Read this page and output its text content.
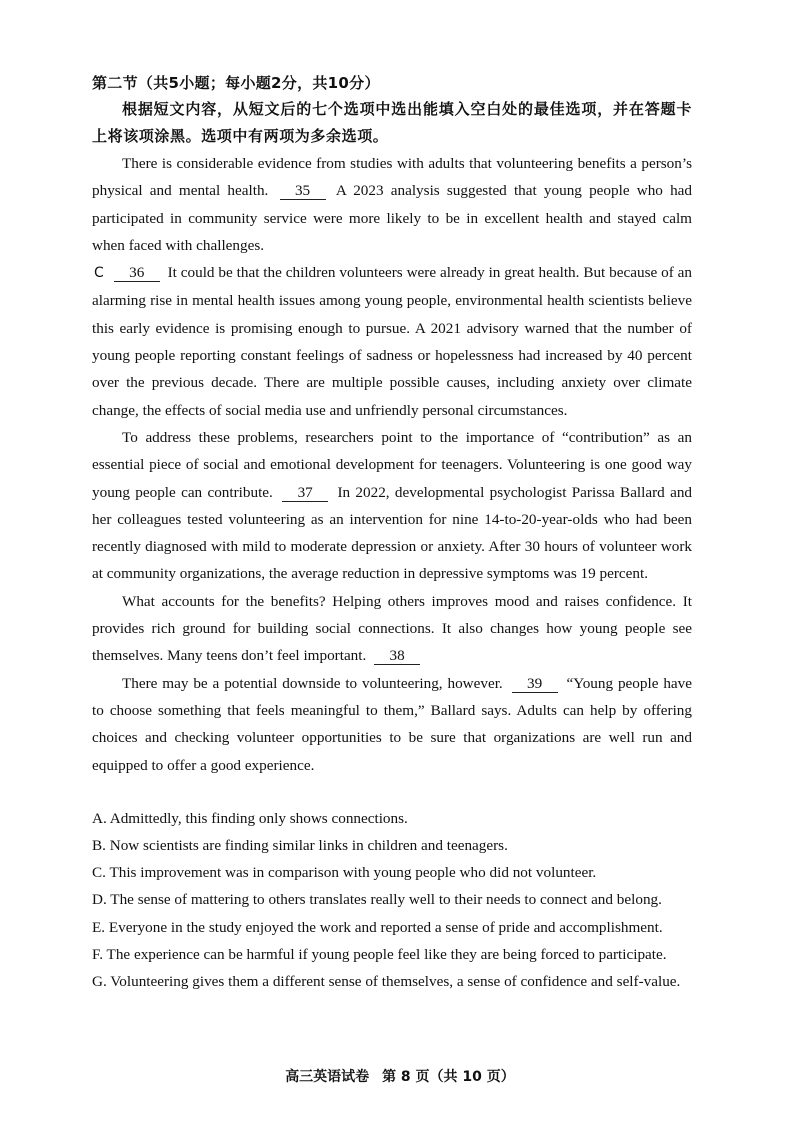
第二节（共5小题；每小题2分，共10分）

根据短文内容，从短文后的七个选项中选出能填入空白处的最佳选项，并在答题卡上将该项涂黑。选项中有两项为多余选项。

There is considerable evidence from studies with adults that volunteering benefits a person’s physical and mental health. 35 A 2023 analysis suggested that young people who had participated in community service were more likely to be in excellent health and stayed calm when faced with challenges.

C 36 It could be that the children volunteers were already in great health. But because of an alarming rise in mental health issues among young people, environmental health scientists believe this early evidence is promising enough to pursue. A 2021 advisory warned that the number of young people reporting constant feelings of sadness or hopelessness had increased by 40 percent over the previous decade. There are multiple possible causes, including anxiety over climate change, the effects of social media use and unfriendly personal circumstances.

To address these problems, researchers point to the importance of “contribution” as an essential piece of social and emotional development for teenagers. Volunteering is one good way young people can contribute. 37 In 2022, developmental psychologist Parissa Ballard and her colleagues tested volunteering as an intervention for nine 14-to-20-year-olds who had been recently diagnosed with mild to moderate depression or anxiety. After 30 hours of volunteer work at community organizations, the average reduction in depressive symptoms was 19 percent.

What accounts for the benefits? Helping others improves mood and raises confidence. It provides rich ground for building social connections. It also changes how young people see themselves. Many teens don’t feel important. 38

There may be a potential downside to volunteering, however. 39 “Young people have to choose something that feels meaningful to them,” Ballard says. Adults can help by offering choices and checking volunteer opportunities to be sure that organizations are well run and equipped to offer a good experience.

A. Admittedly, this finding only shows connections.

B. Now scientists are finding similar links in children and teenagers.

C. This improvement was in comparison with young people who did not volunteer.

D. The sense of mattering to others translates really well to their needs to connect and belong.

E. Everyone in the study enjoyed the work and reported a sense of pride and accomplishment.

F. The experience can be harmful if young people feel like they are being forced to participate.

G. Volunteering gives them a different sense of themselves, a sense of confidence and self-value.

高三英语试卷 第 8 页（共 10 页）
